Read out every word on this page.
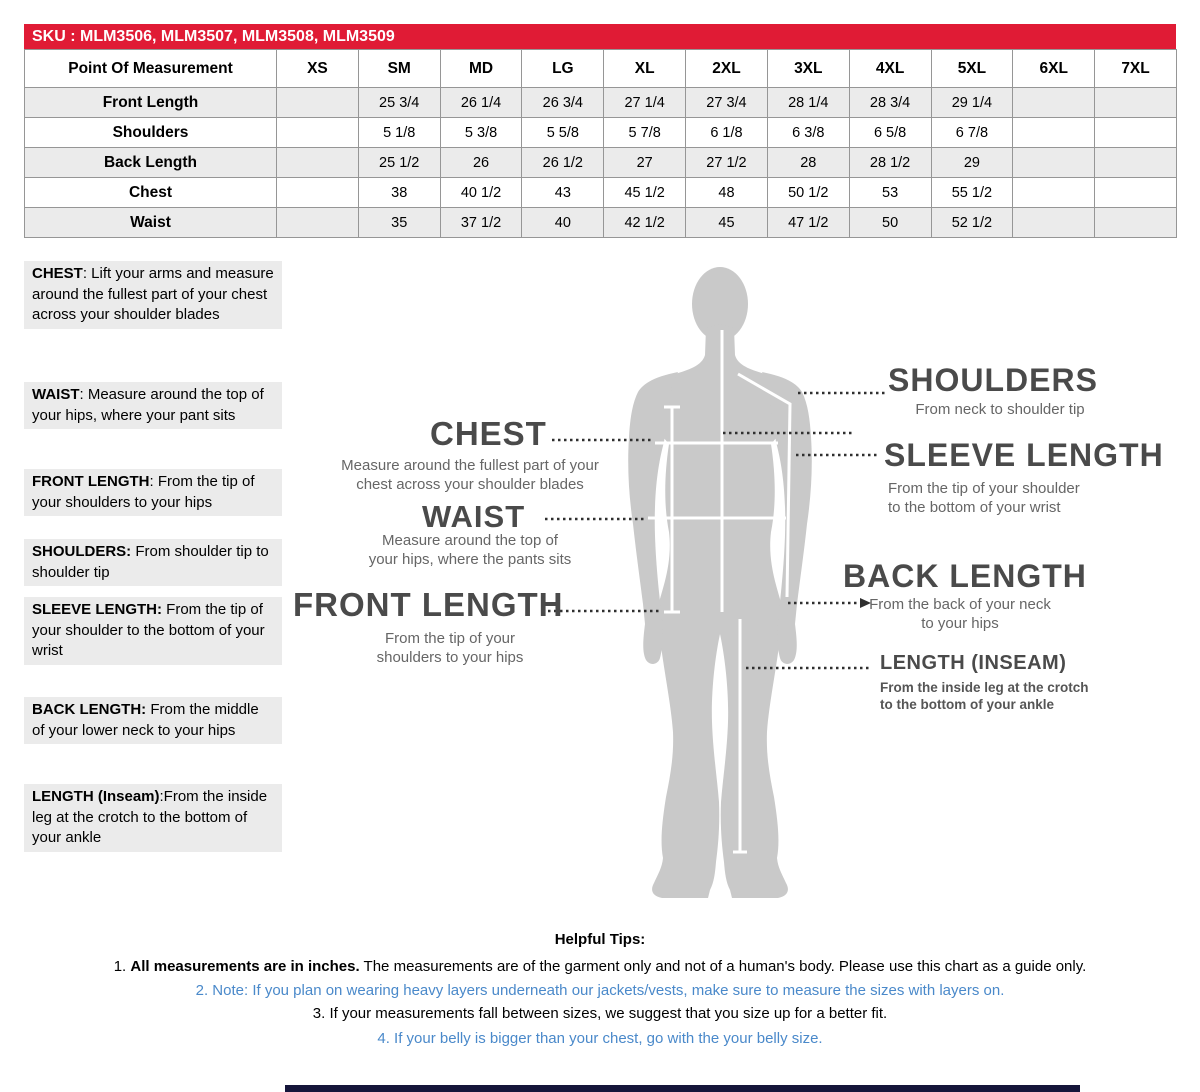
SKU : MLM3506, MLM3507, MLM3508, MLM3509
Point Of Measurement	XS	SM	MD	LG	XL	2XL	3XL	4XL	5XL	6XL	7XL
Front Length		25 3/4	26 1/4	26 3/4	27 1/4	27 3/4	28 1/4	28 3/4	29 1/4		
Shoulders		5 1/8	5 3/8	5 5/8	5 7/8	6 1/8	6 3/8	6 5/8	6 7/8		
Back Length		25 1/2	26	26 1/2	27	27 1/2	28	28 1/2	29		
Chest		38	40 1/2	43	45 1/2	48	50 1/2	53	55 1/2		
Waist		35	37 1/2	40	42 1/2	45	47 1/2	50	52 1/2		
CHEST: Lift your arms and measure around the fullest part of your chest across your shoulder blades
WAIST: Measure around the top of your hips, where your pant sits
FRONT LENGTH: From the tip of your shoulders to your hips
SHOULDERS: From shoulder tip to shoulder tip
SLEEVE LENGTH: From the tip of your shoulder to the bottom of your wrist
BACK LENGTH: From the middle of your lower neck to your hips
LENGTH (Inseam):From the inside leg at the crotch to the bottom of your ankle
CHEST
Measure around the fullest part of your
chest across your shoulder blades
WAIST
Measure around the top of
your hips, where the pants sits
FRONT LENGTH
From the tip of your
shoulders to your hips
SHOULDERS
From neck to shoulder tip
SLEEVE LENGTH
From the tip of your shoulder
to the bottom of your wrist
BACK LENGTH
From the back of your neck
to your hips
LENGTH (INSEAM)
From the inside leg at the crotch
to the bottom of your ankle
Helpful Tips:
1. All measurements are in inches. The measurements are of the garment only and not of a human's body. Please use this chart as a guide only.
2. Note: If you plan on wearing heavy layers underneath our jackets/vests, make sure to measure the sizes with layers on.
3. If your measurements fall between sizes, we suggest that you size up for a better fit.
4. If your belly is bigger than your chest, go with the your belly size.
